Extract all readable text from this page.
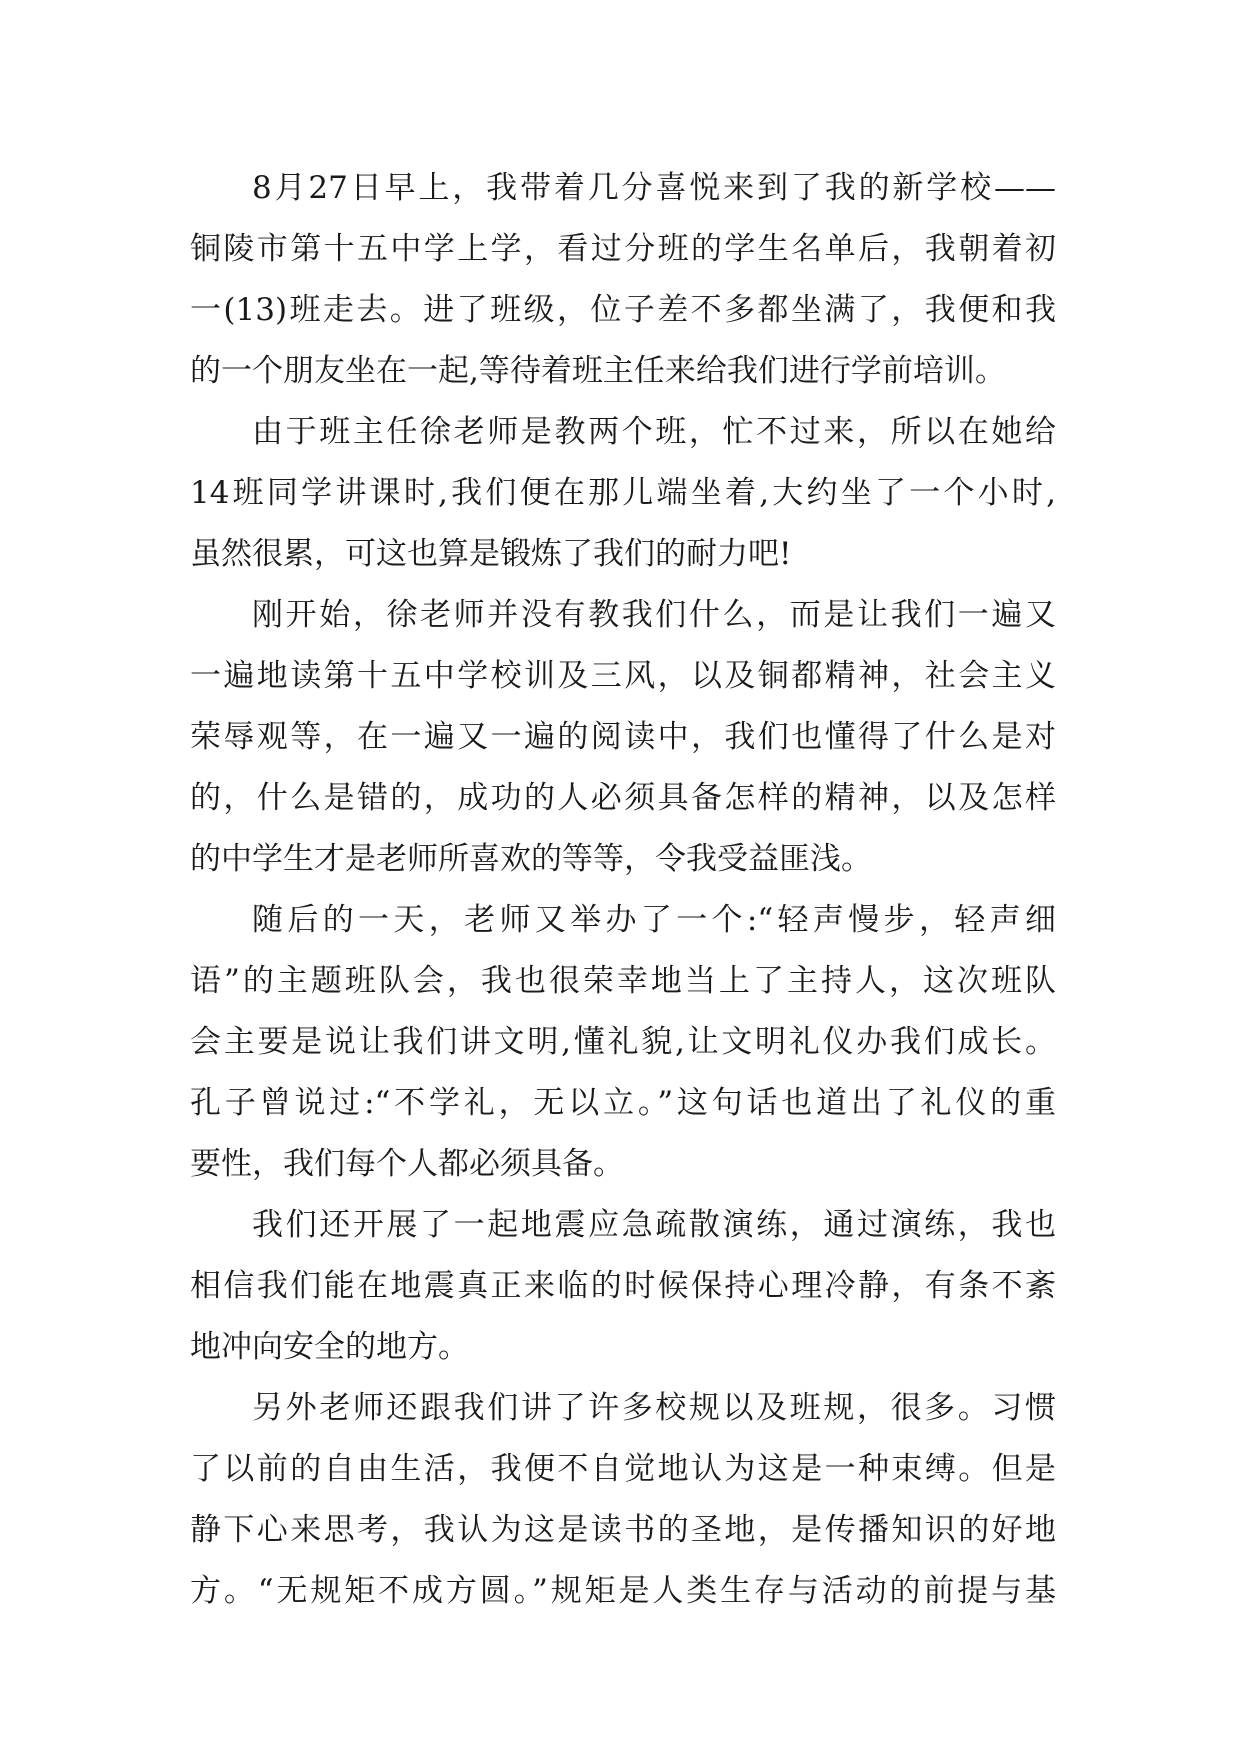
8月27日早上，我带着几分喜悦来到了我的新学校——
铜陵市第十五中学上学，看过分班的学生名单后，我朝着初
一(13)班走去。进了班级，位子差不多都坐满了，我便和我
的一个朋友坐在一起,等待着班主任来给我们进行学前培训。
由于班主任徐老师是教两个班，忙不过来，所以在她给
14班同学讲课时,我们便在那儿端坐着,大约坐了一个小时,
虽然很累，可这也算是锻炼了我们的耐力吧!
刚开始，徐老师并没有教我们什么，而是让我们一遍又
一遍地读第十五中学校训及三风，以及铜都精神，社会主义
荣辱观等，在一遍又一遍的阅读中，我们也懂得了什么是对
的，什么是错的，成功的人必须具备怎样的精神，以及怎样
的中学生才是老师所喜欢的等等，令我受益匪浅。
随后的一天，老师又举办了一个:“轻声慢步，轻声细
语”的主题班队会，我也很荣幸地当上了主持人，这次班队
会主要是说让我们讲文明,懂礼貌,让文明礼仪办我们成长。
孔子曾说过:“不学礼，无以立。”这句话也道出了礼仪的重
要性，我们每个人都必须具备。
我们还开展了一起地震应急疏散演练，通过演练，我也
相信我们能在地震真正来临的时候保持心理冷静，有条不紊
地冲向安全的地方。
另外老师还跟我们讲了许多校规以及班规，很多。习惯
了以前的自由生活，我便不自觉地认为这是一种束缚。但是
静下心来思考，我认为这是读书的圣地，是传播知识的好地
方。“无规矩不成方圆。”规矩是人类生存与活动的前提与基
